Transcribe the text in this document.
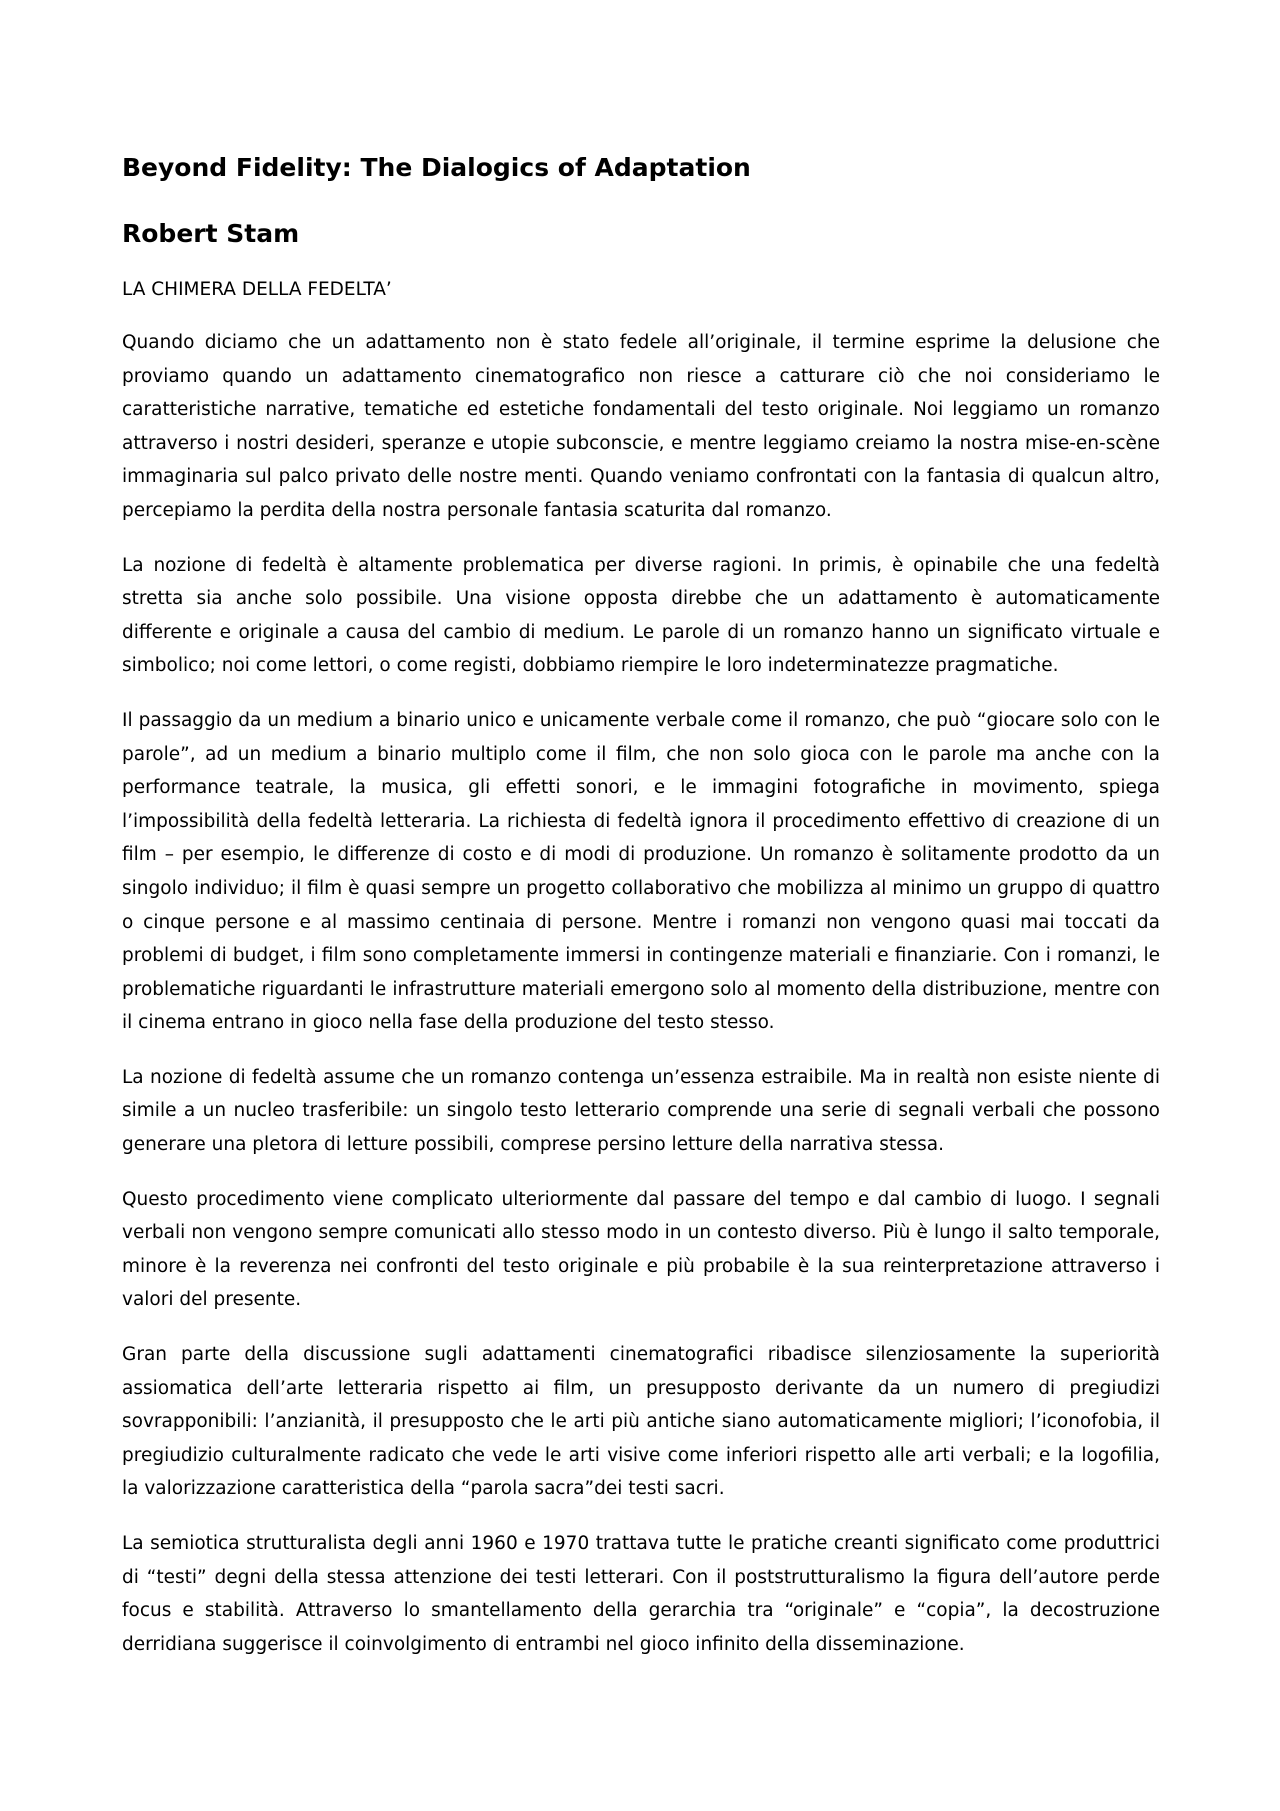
Beyond Fidelity: The Dialogics of Adaptation
Robert Stam
LA CHIMERA DELLA FEDELTA’

Quando diciamo che un adattamento non è stato fedele all’originale, il termine esprime la delusione che proviamo quando un adattamento cinematografico non riesce a catturare ciò che noi consideriamo le caratteristiche narrative, tematiche ed estetiche fondamentali del testo originale. Noi leggiamo un romanzo attraverso i nostri desideri, speranze e utopie subconscie, e mentre leggiamo creiamo la nostra mise-en-scène immaginaria sul palco privato delle nostre menti. Quando veniamo confrontati con la fantasia di qualcun altro, percepiamo la perdita della nostra personale fantasia scaturita dal romanzo.

La nozione di fedeltà è altamente problematica per diverse ragioni. In primis, è opinabile che una fedeltà stretta sia anche solo possibile. Una visione opposta direbbe che un adattamento è automaticamente differente e originale a causa del cambio di medium. Le parole di un romanzo hanno un significato virtuale e simbolico; noi come lettori, o come registi, dobbiamo riempire le loro indeterminatezze pragmatiche.

Il passaggio da un medium a binario unico e unicamente verbale come il romanzo, che può “giocare solo con le parole”, ad un medium a binario multiplo come il film, che non solo gioca con le parole ma anche con la performance teatrale, la musica, gli effetti sonori, e le immagini fotografiche in movimento, spiega l’impossibilità della fedeltà letteraria. La richiesta di fedeltà ignora il procedimento effettivo di creazione di un film – per esempio, le differenze di costo e di modi di produzione. Un romanzo è solitamente prodotto da un singolo individuo; il film è quasi sempre un progetto collaborativo che mobilizza al minimo un gruppo di quattro o cinque persone e al massimo centinaia di persone. Mentre i romanzi non vengono quasi mai toccati da problemi di budget, i film sono completamente immersi in contingenze materiali e finanziarie. Con i romanzi, le problematiche riguardanti le infrastrutture materiali emergono solo al momento della distribuzione, mentre con il cinema entrano in gioco nella fase della produzione del testo stesso.

La nozione di fedeltà assume che un romanzo contenga un’essenza estraibile. Ma in realtà non esiste niente di simile a un nucleo trasferibile: un singolo testo letterario comprende una serie di segnali verbali che possono generare una pletora di letture possibili, comprese persino letture della narrativa stessa.

Questo procedimento viene complicato ulteriormente dal passare del tempo e dal cambio di luogo. I segnali verbali non vengono sempre comunicati allo stesso modo in un contesto diverso. Più è lungo il salto temporale, minore è la reverenza nei confronti del testo originale e più probabile è la sua reinterpretazione attraverso i valori del presente.

Gran parte della discussione sugli adattamenti cinematografici ribadisce silenziosamente la superiorità assiomatica dell’arte letteraria rispetto ai film, un presupposto derivante da un numero di pregiudizi sovrapponibili: l’anzianità, il presupposto che le arti più antiche siano automaticamente migliori; l’iconofobia, il pregiudizio culturalmente radicato che vede le arti visive come inferiori rispetto alle arti verbali; e la logofilia, la valorizzazione caratteristica della “parola sacra”dei testi sacri.

La semiotica strutturalista degli anni 1960 e 1970 trattava tutte le pratiche creanti significato come produttrici di “testi” degni della stessa attenzione dei testi letterari. Con il poststrutturalismo la figura dell’autore perde focus e stabilità. Attraverso lo smantellamento della gerarchia tra “originale” e “copia”, la decostruzione derridiana suggerisce il coinvolgimento di entrambi nel gioco infinito della disseminazione.
